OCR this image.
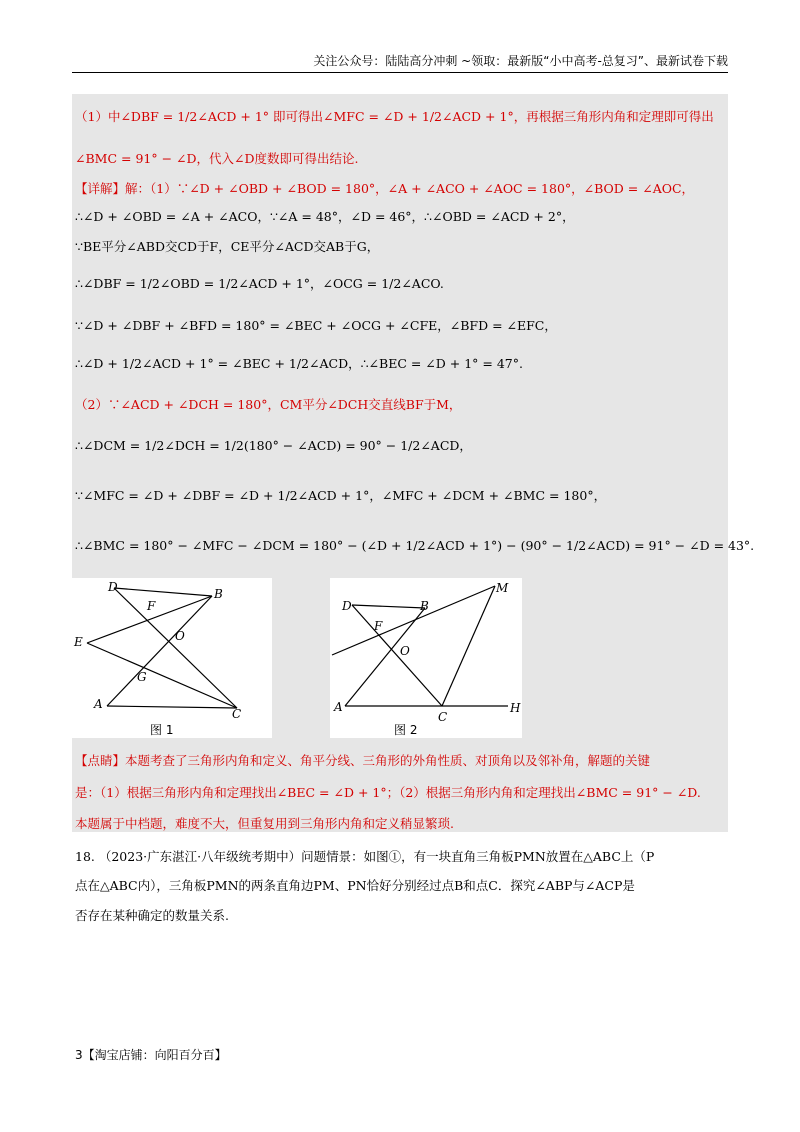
关注公众号：陆陆高分冲刺 ~领取：最新版“小中高考-总复习”、最新试卷下载
（1）中∠DBF = 1/2∠ACD + 1° 即可得出∠MFC = ∠D + 1/2∠ACD + 1°，再根据三角形内角和定理即可得出
∠BMC = 91° − ∠D，代入∠D度数即可得出结论.
【详解】解：（1）∵∠D + ∠OBD + ∠BOD = 180°，∠A + ∠ACO + ∠AOC = 180°，∠BOD = ∠AOC，
∴∠D + ∠OBD = ∠A + ∠ACO，∵∠A = 48°，∠D = 46°，∴∠OBD = ∠ACD + 2°，
∵BE平分∠ABD交CD于F，CE平分∠ACD交AB于G，
∴∠DBF = 1/2∠OBD = 1/2∠ACD + 1°，∠OCG = 1/2∠ACO.
∵∠D + ∠DBF + ∠BFD = 180° = ∠BEC + ∠OCG + ∠CFE，∠BFD = ∠EFC，
∴∠D + 1/2∠ACD + 1° = ∠BEC + 1/2∠ACD，∴∠BEC = ∠D + 1° = 47°.
（2）∵∠ACD + ∠DCH = 180°，CM平分∠DCH交直线BF于M，
∴∠DCM = 1/2∠DCH = 1/2(180° − ∠ACD) = 90° − 1/2∠ACD，
∵∠MFC = ∠D + ∠DBF = ∠D + 1/2∠ACD + 1°，∠MFC + ∠DCM + ∠BMC = 180°，
∴∠BMC = 180° − ∠MFC − ∠DCM = 180° − (∠D + 1/2∠ACD + 1°) − (90° − 1/2∠ACD) = 91° − ∠D = 43°.
D	B
F
O
E
G
A
C
图 1
D	B
M
F
O
A
C
H
图 2
【点睛】本题考查了三角形内角和定义、角平分线、三角形的外角性质、对顶角以及邻补角，解题的关键
是：（1）根据三角形内角和定理找出∠BEC = ∠D + 1°；（2）根据三角形内角和定理找出∠BMC = 91° − ∠D.
本题属于中档题，难度不大，但重复用到三角形内角和定义稍显繁琐.
18. （2023·广东湛江·八年级统考期中）问题情景：如图①，有一块直角三角板PMN放置在△ABC上（P
点在△ABC内），三角板PMN的两条直角边PM、PN恰好分别经过点B和点C．探究∠ABP与∠ACP是
否存在某种确定的数量关系.
3【淘宝店铺：向阳百分百】
